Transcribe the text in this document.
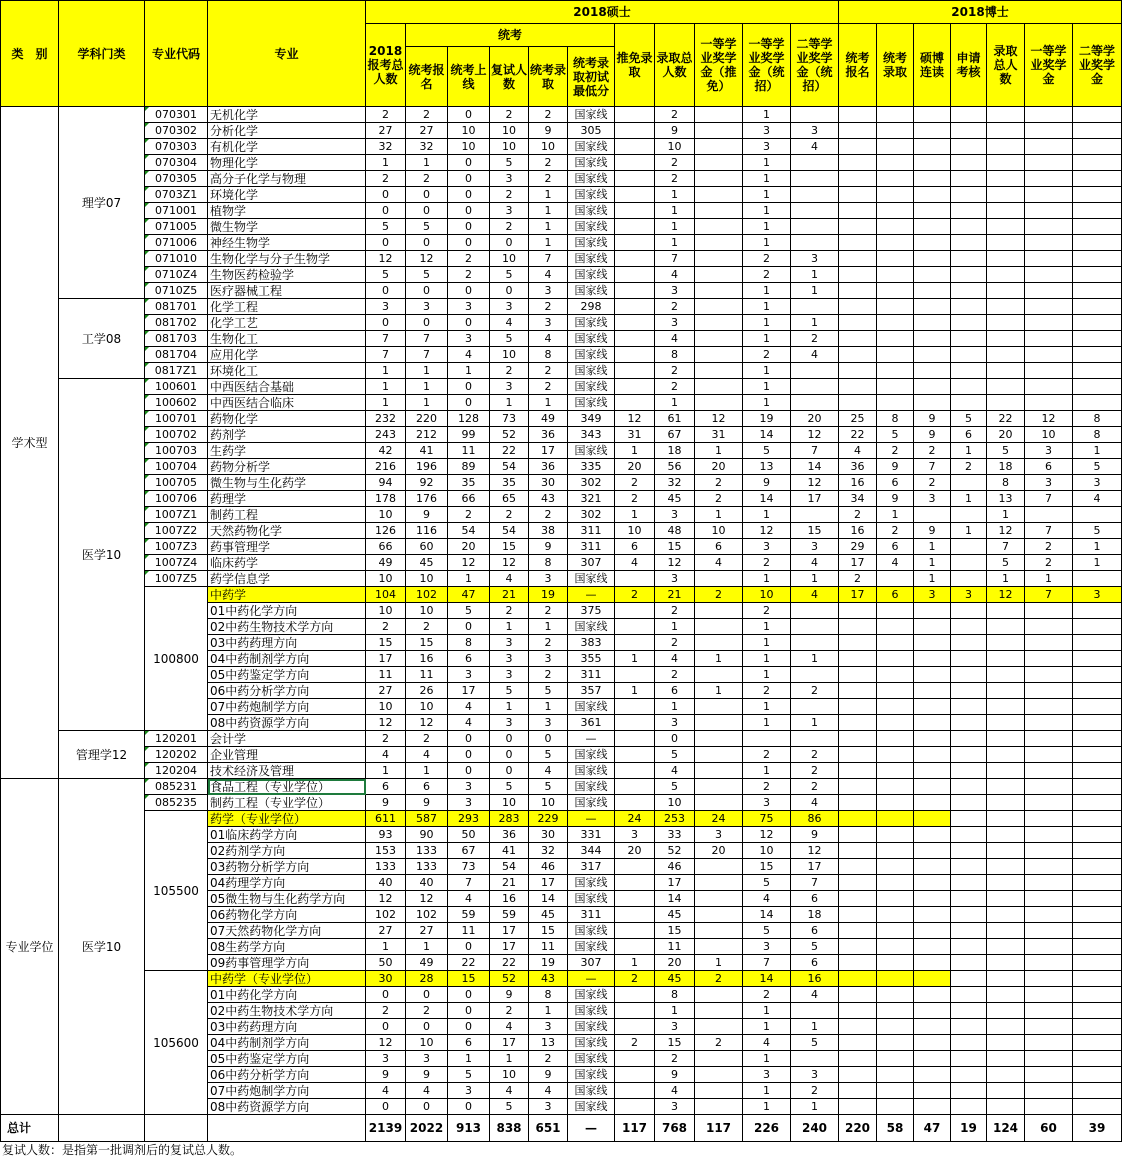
类　别	学科门类	专业代码	专业	2018硕士											2018博士						
				2018报考总人数	统考					推免录取	录取总人数	一等学业奖学金（推免）	一等学业奖学金（统招）	二等学业奖学金（统招）	统考报名	统考录取	硕博连读	申请考核	录取总人数	一等学业奖学金	二等学业奖学金
					统考报名	统考上线	复试人数	统考录取	统考录取初试最低分												
学术型	理学07	070301	无机化学	2	2	0	2	2	国家线		2		1								
		070302	分析化学	27	27	10	10	9	305		9		3	3							
		070303	有机化学	32	32	10	10	10	国家线		10		3	4							
		070304	物理化学	1	1	0	5	2	国家线		2		1								
		070305	高分子化学与物理	2	2	0	3	2	国家线		2		1								
		0703Z1	环境化学	0	0	0	2	1	国家线		1		1								
		071001	植物学	0	0	0	3	1	国家线		1		1								
		071005	微生物学	5	5	0	2	1	国家线		1		1								
		071006	神经生物学	0	0	0	0	1	国家线		1		1								
		071010	生物化学与分子生物学	12	12	2	10	7	国家线		7		2	3							
		0710Z4	生物医药检验学	5	5	2	5	4	国家线		4		2	1							
		0710Z5	医疗器械工程	0	0	0	0	3	国家线		3		1	1							
	工学08	081701	化学工程	3	3	3	3	2	298		2		1								
		081702	化学工艺	0	0	0	4	3	国家线		3		1	1							
		081703	生物化工	7	7	3	5	4	国家线		4		1	2							
		081704	应用化学	7	7	4	10	8	国家线		8		2	4							
		0817Z1	环境化工	1	1	1	2	2	国家线		2		1								
	医学10	100601	中西医结合基础	1	1	0	3	2	国家线		2		1								
		100602	中西医结合临床	1	1	0	1	1	国家线		1		1								
		100701	药物化学	232	220	128	73	49	349	12	61	12	19	20	25	8	9	5	22	12	8
		100702	药剂学	243	212	99	52	36	343	31	67	31	14	12	22	5	9	6	20	10	8
		100703	生药学	42	41	11	22	17	国家线	1	18	1	5	7	4	2	2	1	5	3	1
		100704	药物分析学	216	196	89	54	36	335	20	56	20	13	14	36	9	7	2	18	6	5
		100705	微生物与生化药学	94	92	35	35	30	302	2	32	2	9	12	16	6	2		8	3	3
		100706	药理学	178	176	66	65	43	321	2	45	2	14	17	34	9	3	1	13	7	4
		1007Z1	制药工程	10	9	2	2	2	302	1	3	1	1		2	1			1		
		1007Z2	天然药物化学	126	116	54	54	38	311	10	48	10	12	15	16	2	9	1	12	7	5
		1007Z3	药事管理学	66	60	20	15	9	311	6	15	6	3	3	29	6	1		7	2	1
		1007Z4	临床药学	49	45	12	12	8	307	4	12	4	2	4	17	4	1		5	2	1
		1007Z5	药学信息学	10	10	1	4	3	国家线		3		1	1	2		1		1	1	
		100800	中药学	104	102	47	21	19	—	2	21	2	10	4	17	6	3	3	12	7	3
			01中药化学方向	10	10	5	2	2	375		2		2								
			02中药生物技术学方向	2	2	0	1	1	国家线		1		1								
			03中药药理方向	15	15	8	3	2	383		2		1								
			04中药制剂学方向	17	16	6	3	3	355	1	4	1	1	1							
			05中药鉴定学方向	11	11	3	3	2	311		2		1								
			06中药分析学方向	27	26	17	5	5	357	1	6	1	2	2							
			07中药炮制学方向	10	10	4	1	1	国家线		1		1								
			08中药资源学方向	12	12	4	3	3	361		3		1	1							
	管理学12	120201	会计学	2	2	0	0	0	—		0										
		120202	企业管理	4	4	0	0	5	国家线		5		2	2							
		120204	技术经济及管理	1	1	0	0	4	国家线		4		1	2							
专业学位	医学10	085231	食品工程（专业学位）	6	6	3	5	5	国家线		5		2	2							
		085235	制药工程（专业学位）	9	9	3	10	10	国家线		10		3	4							
		105500	药学（专业学位）	611	587	293	283	229	—	24	253	24	75	86							
			01临床药学方向	93	90	50	36	30	331	3	33	3	12	9							
			02药剂学方向	153	133	67	41	32	344	20	52	20	10	12							
			03药物分析学方向	133	133	73	54	46	317		46		15	17							
			04药理学方向	40	40	7	21	17	国家线		17		5	7							
			05微生物与生化药学方向	12	12	4	16	14	国家线		14		4	6							
			06药物化学方向	102	102	59	59	45	311		45		14	18							
			07天然药物化学方向	27	27	11	17	15	国家线		15		5	6							
			08生药学方向	1	1	0	17	11	国家线		11		3	5							
			09药事管理学方向	50	49	22	22	19	307	1	20	1	7	6							
		105600	中药学（专业学位）	30	28	15	52	43	—	2	45	2	14	16							
			01中药化学方向	0	0	0	9	8	国家线		8		2	4							
			02中药生物技术学方向	2	2	0	2	1	国家线		1		1								
			03中药药理方向	0	0	0	4	3	国家线		3		1	1							
			04中药制剂学方向	12	10	6	17	13	国家线	2	15	2	4	5							
			05中药鉴定学方向	3	3	1	1	2	国家线		2		1								
			06中药分析学方向	9	9	5	10	9	国家线		9		3	3							
			07中药炮制学方向	4	4	3	4	4	国家线		4		1	2							
			08中药资源学方向	0	0	0	5	3	国家线		3		1	1							
总计				2139	2022	913	838	651	—	117	768	117	226	240	220	58	47	19	124	60	39
复试人数：是指第一批调剂后的复试总人数。
